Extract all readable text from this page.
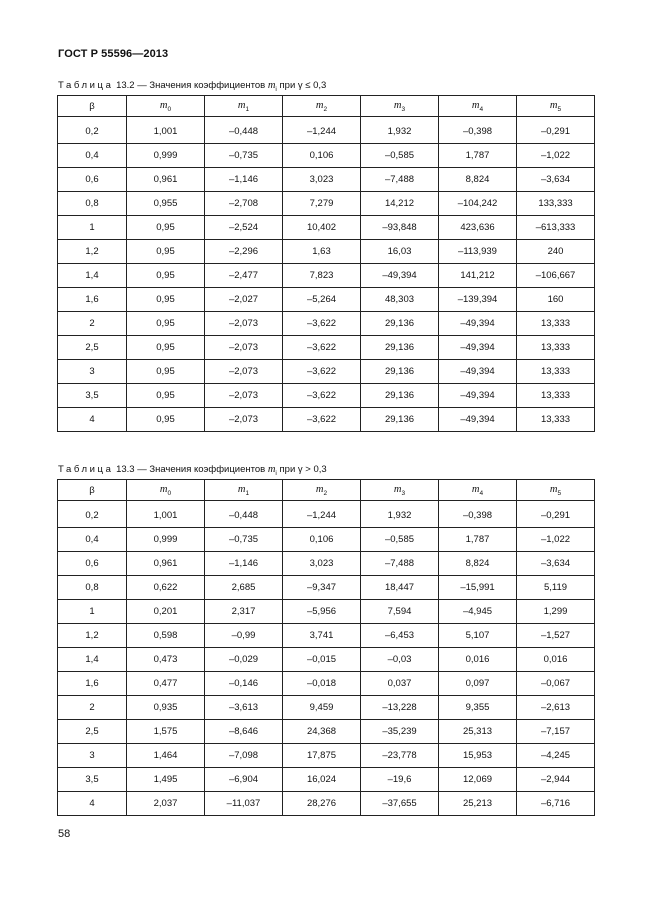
ГОСТ Р 55596—2013
Таблица 13.2 — Значения коэффициентов $m_i$ при γ ≤ 0,3
β	$m_0$	$m_1$	$m_2$	$m_3$	$m_4$	$m_5$
0,2	1,001	–0,448	–1,244	1,932	–0,398	–0,291
0,4	0,999	–0,735	0,106	–0,585	1,787	–1,022
0,6	0,961	–1,146	3,023	–7,488	8,824	–3,634
0,8	0,955	–2,708	7,279	14,212	–104,242	133,333
1	0,95	–2,524	10,402	–93,848	423,636	–613,333
1,2	0,95	–2,296	1,63	16,03	–113,939	240
1,4	0,95	–2,477	7,823	–49,394	141,212	–106,667
1,6	0,95	–2,027	–5,264	48,303	–139,394	160
2	0,95	–2,073	–3,622	29,136	–49,394	13,333
2,5	0,95	–2,073	–3,622	29,136	–49,394	13,333
3	0,95	–2,073	–3,622	29,136	–49,394	13,333
3,5	0,95	–2,073	–3,622	29,136	–49,394	13,333
4	0,95	–2,073	–3,622	29,136	–49,394	13,333
Таблица 13.3 — Значения коэффициентов $m_i$ при γ > 0,3
β	$m_0$	$m_1$	$m_2$	$m_3$	$m_4$	$m_5$
0,2	1,001	–0,448	–1,244	1,932	–0,398	–0,291
0,4	0,999	–0,735	0,106	–0,585	1,787	–1,022
0,6	0,961	–1,146	3,023	–7,488	8,824	–3,634
0,8	0,622	2,685	–9,347	18,447	–15,991	5,119
1	0,201	2,317	–5,956	7,594	–4,945	1,299
1,2	0,598	–0,99	3,741	–6,453	5,107	–1,527
1,4	0,473	–0,029	–0,015	–0,03	0,016	0,016
1,6	0,477	–0,146	–0,018	0,037	0,097	–0,067
2	0,935	–3,613	9,459	–13,228	9,355	–2,613
2,5	1,575	–8,646	24,368	–35,239	25,313	–7,157
3	1,464	–7,098	17,875	–23,778	15,953	–4,245
3,5	1,495	–6,904	16,024	–19,6	12,069	–2,944
4	2,037	–11,037	28,276	–37,655	25,213	–6,716
58
